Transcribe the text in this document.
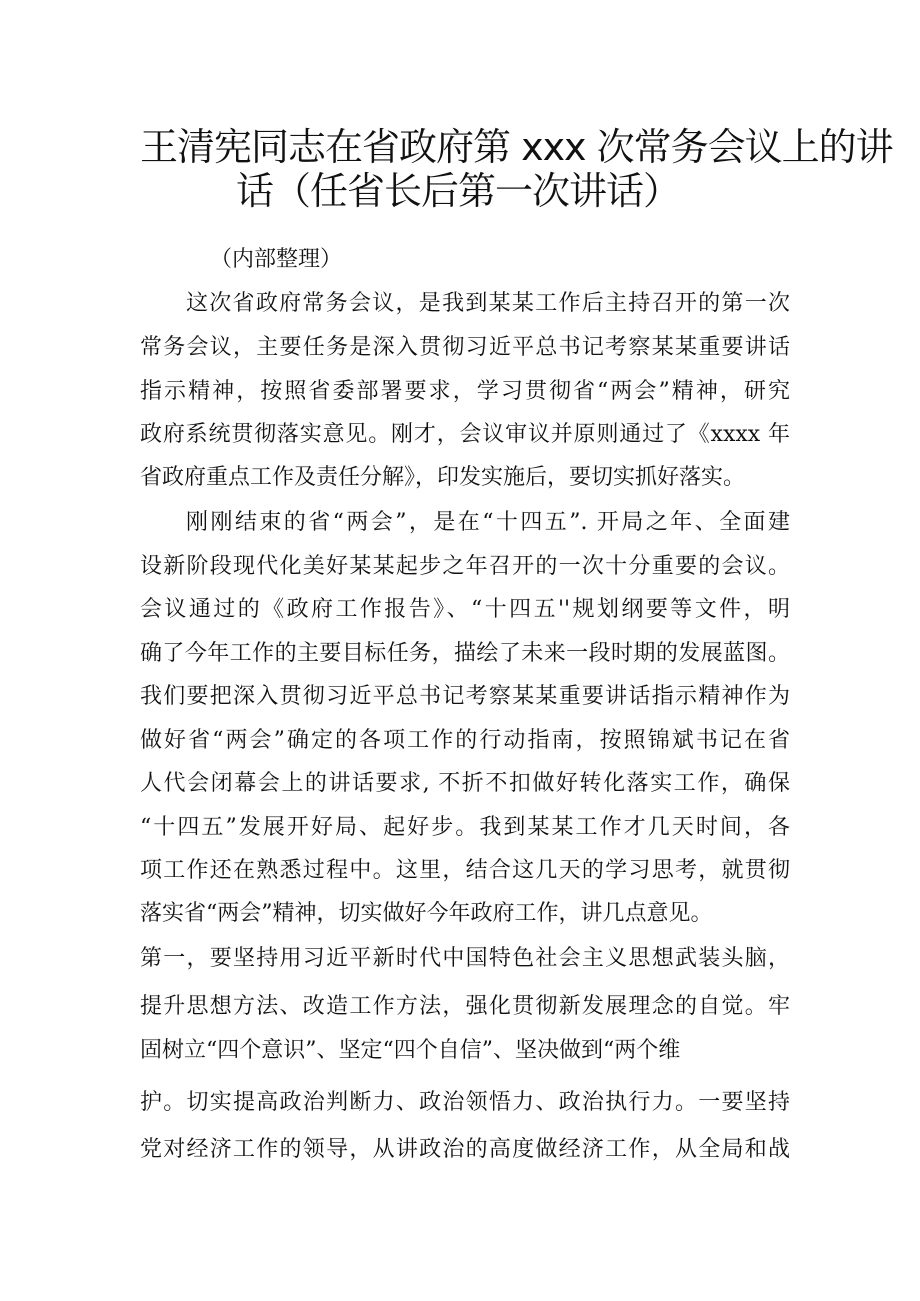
王清宪同志在省政府第 xxx 次常务会议上的讲
话（任省长后第一次讲话）
（内部整理）
这次省政府常务会议，是我到某某工作后主持召开的第一次
常务会议，主要任务是深入贯彻习近平总书记考察某某重要讲话
指示精神，按照省委部署要求，学习贯彻省“两会”精神，研究
政府系统贯彻落实意见。刚才，会议审议并原则通过了《xxxx 年
省政府重点工作及责任分解》，印发实施后，要切实抓好落实。
刚刚结束的省“两会”，是在“十四五”. 开局之年、全面建
设新阶段现代化美好某某起步之年召开的一次十分重要的会议。
会议通过的《政府工作报告》、“十四五''规划纲要等文件，明
确了今年工作的主要目标任务，描绘了未来一段时期的发展蓝图。
我们要把深入贯彻习近平总书记考察某某重要讲话指示精神作为
做好省“两会”确定的各项工作的行动指南，按照锦斌书记在省
人代会闭幕会上的讲话要求, 不折不扣做好转化落实工作，确保
“十四五”发展开好局、起好步。我到某某工作才几天时间，各
项工作还在熟悉过程中。这里，结合这几天的学习思考，就贯彻
落实省“两会”精神，切实做好今年政府工作，讲几点意见。
第一，要坚持用习近平新时代中国特色社会主义思想武装头脑，
提升思想方法、改造工作方法，强化贯彻新发展理念的自觉。牢
固树立“四个意识”、坚定“四个自信”、坚决做到“两个维
护。切实提高政治判断力、政治领悟力、政治执行力。一要坚持
党对经济工作的领导，从讲政治的高度做经济工作，从全局和战
